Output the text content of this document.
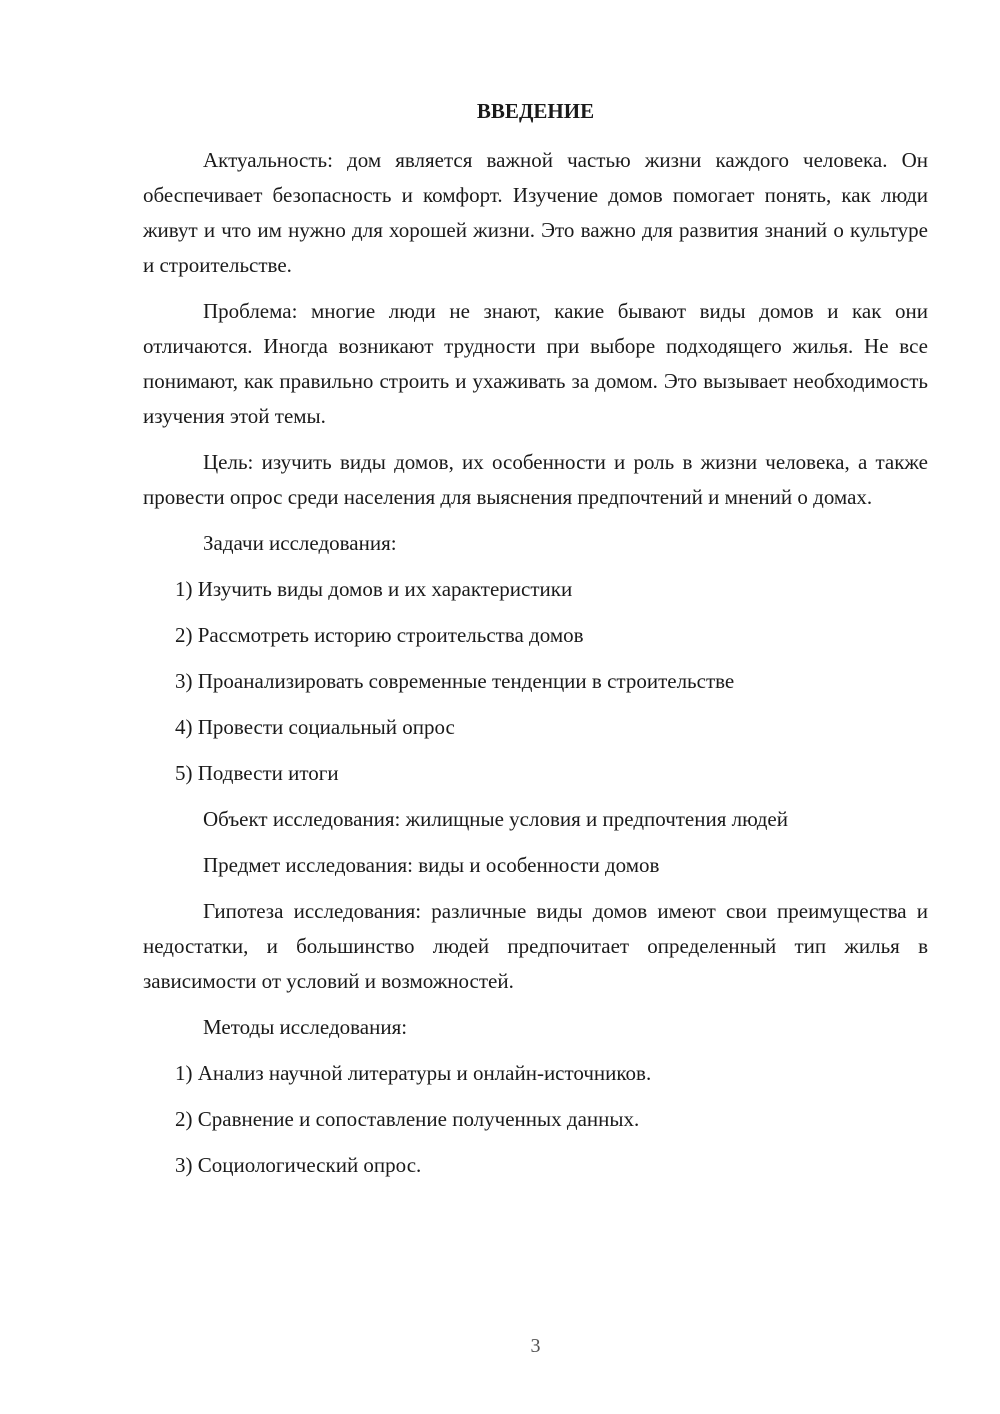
ВВЕДЕНИЕ

Актуальность: дом является важной частью жизни каждого человека. Он обеспечивает безопасность и комфорт. Изучение домов помогает понять, как люди живут и что им нужно для хорошей жизни. Это важно для развития знаний о культуре и строительстве.

Проблема: многие люди не знают, какие бывают виды домов и как они отличаются. Иногда возникают трудности при выборе подходящего жилья. Не все понимают, как правильно строить и ухаживать за домом. Это вызывает необходимость изучения этой темы.

Цель: изучить виды домов, их особенности и роль в жизни человека, а также провести опрос среди населения для выяснения предпочтений и мнений о домах.

Задачи исследования:

1) Изучить виды домов и их характеристики

2) Рассмотреть историю строительства домов

3) Проанализировать современные тенденции в строительстве

4) Провести социальный опрос

5) Подвести итоги

Объект исследования: жилищные условия и предпочтения людей

Предмет исследования: виды и особенности домов

Гипотеза исследования: различные виды домов имеют свои преимущества и недостатки, и большинство людей предпочитает определенный тип жилья в зависимости от условий и возможностей.

Методы исследования:

1) Анализ научной литературы и онлайн-источников.

2) Сравнение и сопоставление полученных данных.

3) Социологический опрос.

3
